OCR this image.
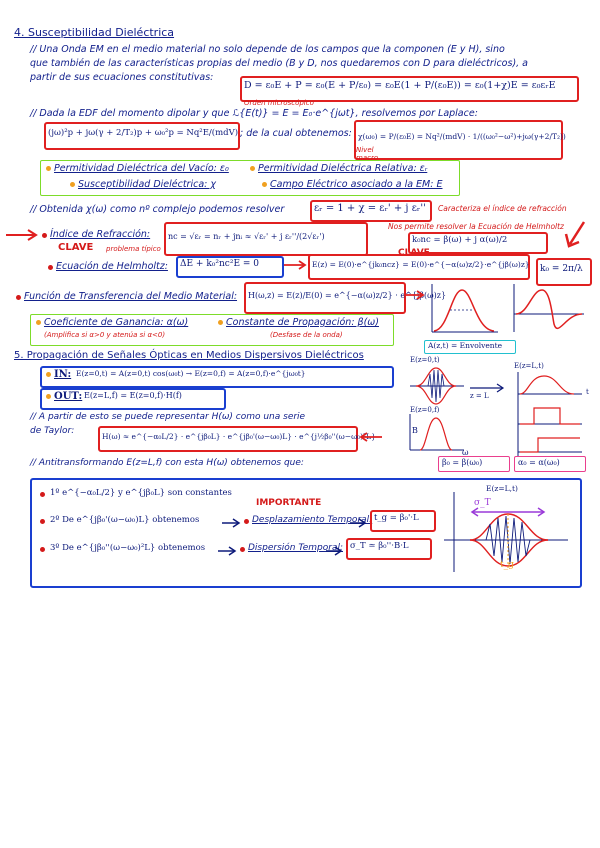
4. Susceptibilidad Dieléctrica
// Una Onda EM en el medio material no solo depende de los campos que la componen (E y H), sino
que también de las características propias del medio (B y D, nos quedaremos con D para dieléctricos), a
partir de sus ecuaciones constitutivas:
D = ε₀E + P = ε₀(E + P/ε₀) = ε₀E(1 + P/(ε₀E)) = ε₀(1+χ)E = ε₀εᵣE
Orden microscópico
// Dada la EDF del momento dipolar y que ℒ{E(t)} = E = E₀·e^{jωt}, resolvemos por Laplace:
(jω)²p + jω(γ + 2/T₂)p + ω₀²p = Nq²E/(mdV) ; de la cual obtenemos: χ(ω₀) = P/(ε₀E) = Nq²/(mdV) · 1/((ω₀²−ω²)+jω(γ+2/T₂))
Nivel macro
Permitividad Dieléctrica del Vacío: ε₀	Permitividad Dieléctrica Relativa: εᵣ
Susceptibilidad Dieléctrica: χ	Campo Eléctrico asociado a la EM: E
// Obtenida χ(ω) como nº complejo podemos resolver	εᵣ = 1 + χ = εᵣ' + j εᵣ'' Caracteriza el índice de refracción
Índice de Refracción:
CLAVE problema típico
nc = √εᵣ = nᵣ + jnᵢ ≈ √εᵣ' + j εᵣ''/(2√εᵣ')
Nos permite resolver la Ecuación de Helmholtz
CLAVE
k₀nc = β(ω) + j α(ω)/2
Ecuación de Helmholtz: ΔE + k₀²nc²E = 0	E(z) = E(0)·e^{jk₀ncz} = E(0)·e^{−α(ω)z/2}·e^{jβ(ω)z} k₀ = 2π/λ
Función de Transferencia del Medio Material: H(ω,z) = E(z)/E(0) = e^{−α(ω)z/2} · e^{jβ(ω)z}
Coeficiente de Ganancia: α(ω)
(Amplifica si α>0 y atenúa si α<0)
Constante de Propagación: β(ω)
(Desfase de la onda)
A(z,t) = Envolvente
5. Propagación de Señales Ópticas en Medios Dispersivos Dieléctricos
IN: E(z=0,t) = A(z=0,t) cos(ω₀t) → E(z=0,f) = A(z=0,f)·e^{jω₀t}
OUT: E(z=L,f) = E(z=0,f)·H(f)
// A partir de esto se puede representar H(ω) como una serie
de Taylor:
H(ω) ≈ e^{−α₀L/2} · e^{jβ₀L} · e^{jβ₀'(ω−ω₀)L} · e^{j½β₀''(ω−ω₀)²L}
// Antitransformando E(z=L,f) con esta H(ω) obtenemos que:
E(z=0,t)
E(z=L,t)
z = L	t
E(z=0,f)
B
ω
β₀ = β(ω₀)	α₀ = α(ω₀)
1º e^{−α₀L/2} y e^{jβ₀L} son constantes
IMPORTANTE
2º De e^{jβ₀'(ω−ω₀)L} obtenemos	Desplazamiento Temporal: t_g = β₀'·L
3º De e^{jβ₀''(ω−ω₀)²L} obtenemos	Dispersión Temporal: σ_T ≃ β₀''·B·L
E(z=L,t)
σ_T
t_g
